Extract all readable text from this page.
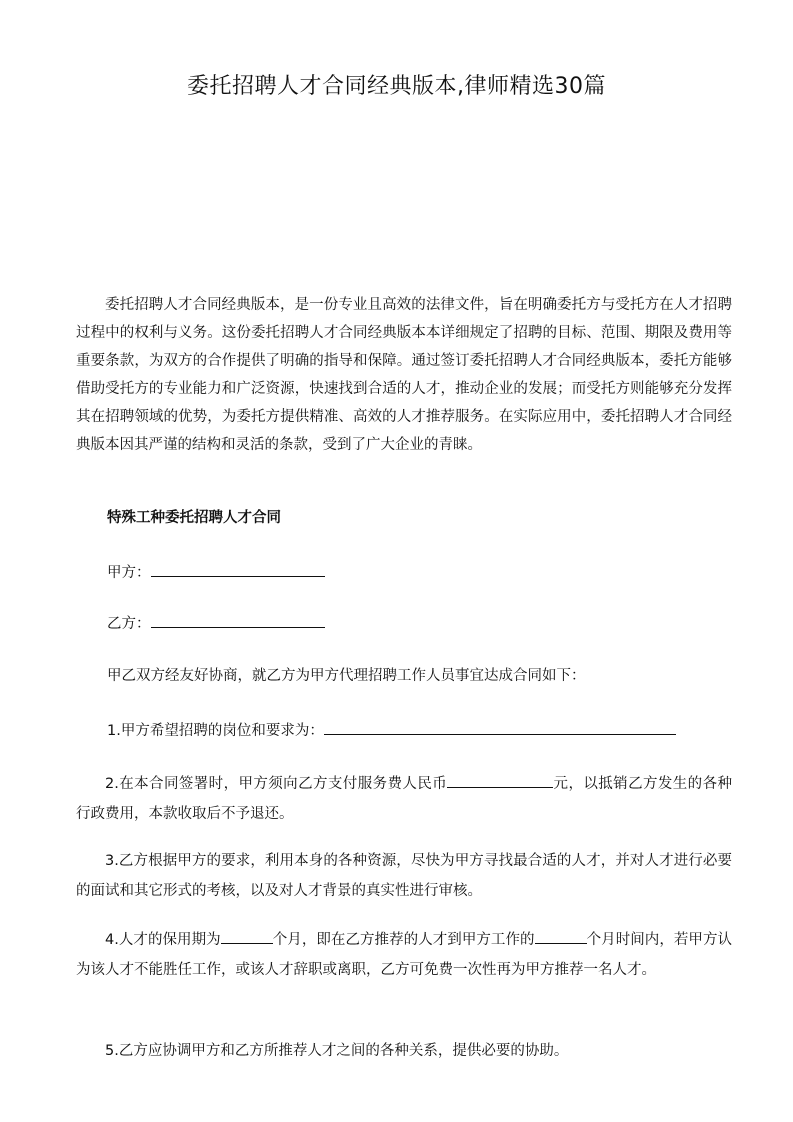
委托招聘人才合同经典版本,律师精选30篇
委托招聘人才合同经典版本，是一份专业且高效的法律文件，旨在明确委托方与受托方在人才招聘过程中的权利与义务。这份委托招聘人才合同经典版本本详细规定了招聘的目标、范围、期限及费用等重要条款，为双方的合作提供了明确的指导和保障。通过签订委托招聘人才合同经典版本，委托方能够借助受托方的专业能力和广泛资源，快速找到合适的人才，推动企业的发展；而受托方则能够充分发挥其在招聘领域的优势，为委托方提供精准、高效的人才推荐服务。在实际应用中，委托招聘人才合同经典版本因其严谨的结构和灵活的条款，受到了广大企业的青睐。
特殊工种委托招聘人才合同
甲方：
乙方：
甲乙双方经友好协商，就乙方为甲方代理招聘工作人员事宜达成合同如下：
1.甲方希望招聘的岗位和要求为：
2.在本合同签署时，甲方须向乙方支付服务费人民币	元，以抵销乙方发生的各种行政费用，本款收取后不予退还。
3.乙方根据甲方的要求，利用本身的各种资源，尽快为甲方寻找最合适的人才，并对人才进行必要的面试和其它形式的考核，以及对人才背景的真实性进行审核。
4.人才的保用期为	个月，即在乙方推荐的人才到甲方工作的	个月时间内，若甲方认为该人才不能胜任工作，或该人才辞职或离职，乙方可免费一次性再为甲方推荐一名人才。
5.乙方应协调甲方和乙方所推荐人才之间的各种关系，提供必要的协助。
